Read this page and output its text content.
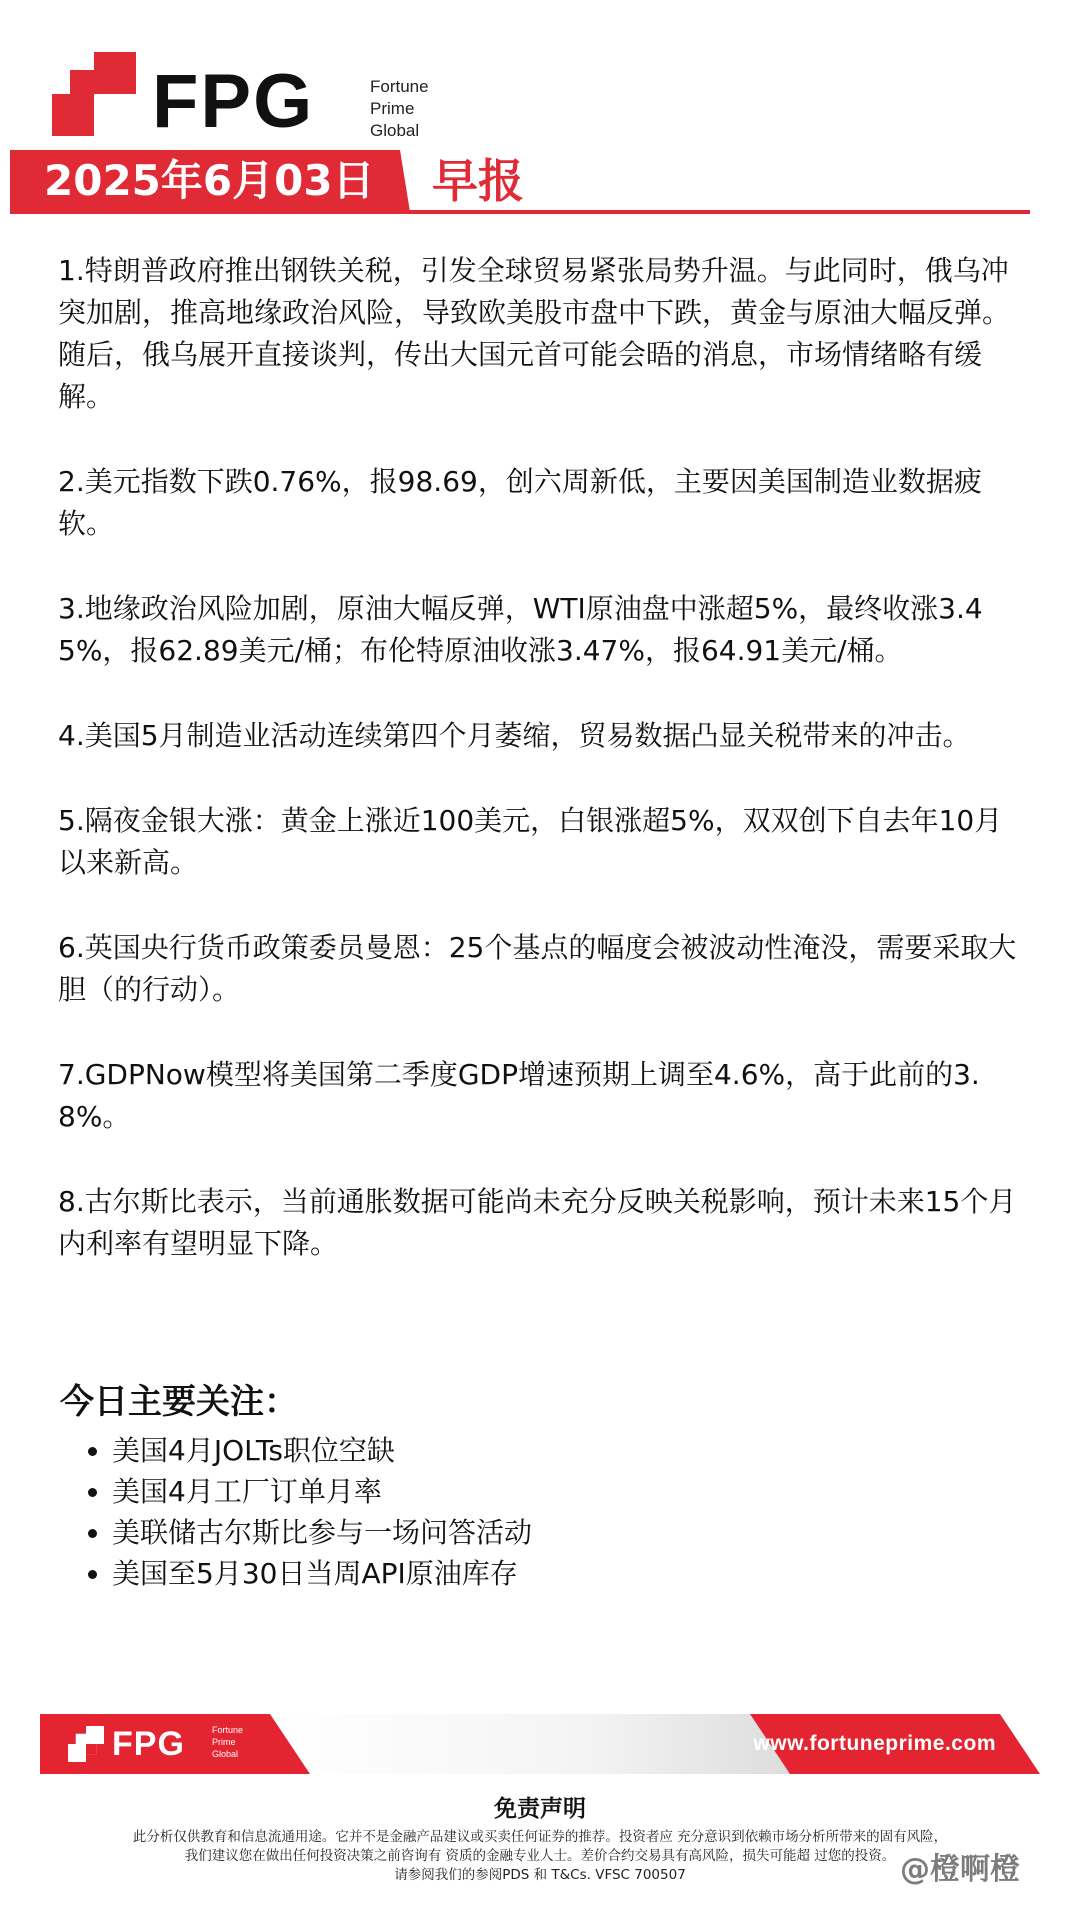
FPG	Fortune
Prime
Global
2025年6月03日 早报

1.特朗普政府推出钢铁关税，引发全球贸易紧张局势升温。与此同时，俄乌冲突加剧，推高地缘政治风险，导致欧美股市盘中下跌，黄金与原油大幅反弹。随后，俄乌展开直接谈判，传出大国元首可能会晤的消息，市场情绪略有缓解。

2.美元指数下跌0.76%，报98.69，创六周新低，主要因美国制造业数据疲软。

3.地缘政治风险加剧，原油大幅反弹，WTI原油盘中涨超5%，最终收涨3.45%，报62.89美元/桶；布伦特原油收涨3.47%，报64.91美元/桶。

4.美国5月制造业活动连续第四个月萎缩，贸易数据凸显关税带来的冲击。

5.隔夜金银大涨：黄金上涨近100美元，白银涨超5%，双双创下自去年10月以来新高。

6.英国央行货币政策委员曼恩：25个基点的幅度会被波动性淹没，需要采取大胆（的行动）。

7.GDPNow模型将美国第二季度GDP增速预期上调至4.6%，高于此前的3.8%。

8.古尔斯比表示，当前通胀数据可能尚未充分反映关税影响，预计未来15个月内利率有望明显下降。

今日主要关注：
• 美国4月JOLTs职位空缺
• 美国4月工厂订单月率
• 美联储古尔斯比参与一场问答活动
• 美国至5月30日当周API原油库存
FPG	Fortune
Prime
Global	www.fortuneprime.com
免责声明
此分析仅供教育和信息流通用途。它并不是金融产品建议或买卖任何证券的推荐。投资者应 充分意识到依赖市场分析所带来的固有风险，
我们建议您在做出任何投资决策之前咨询有 资质的金融专业人士。差价合约交易具有高风险，损失可能超 过您的投资。
请参阅我们的参阅PDS 和 T&Cs. VFSC 700507	@橙啊橙
